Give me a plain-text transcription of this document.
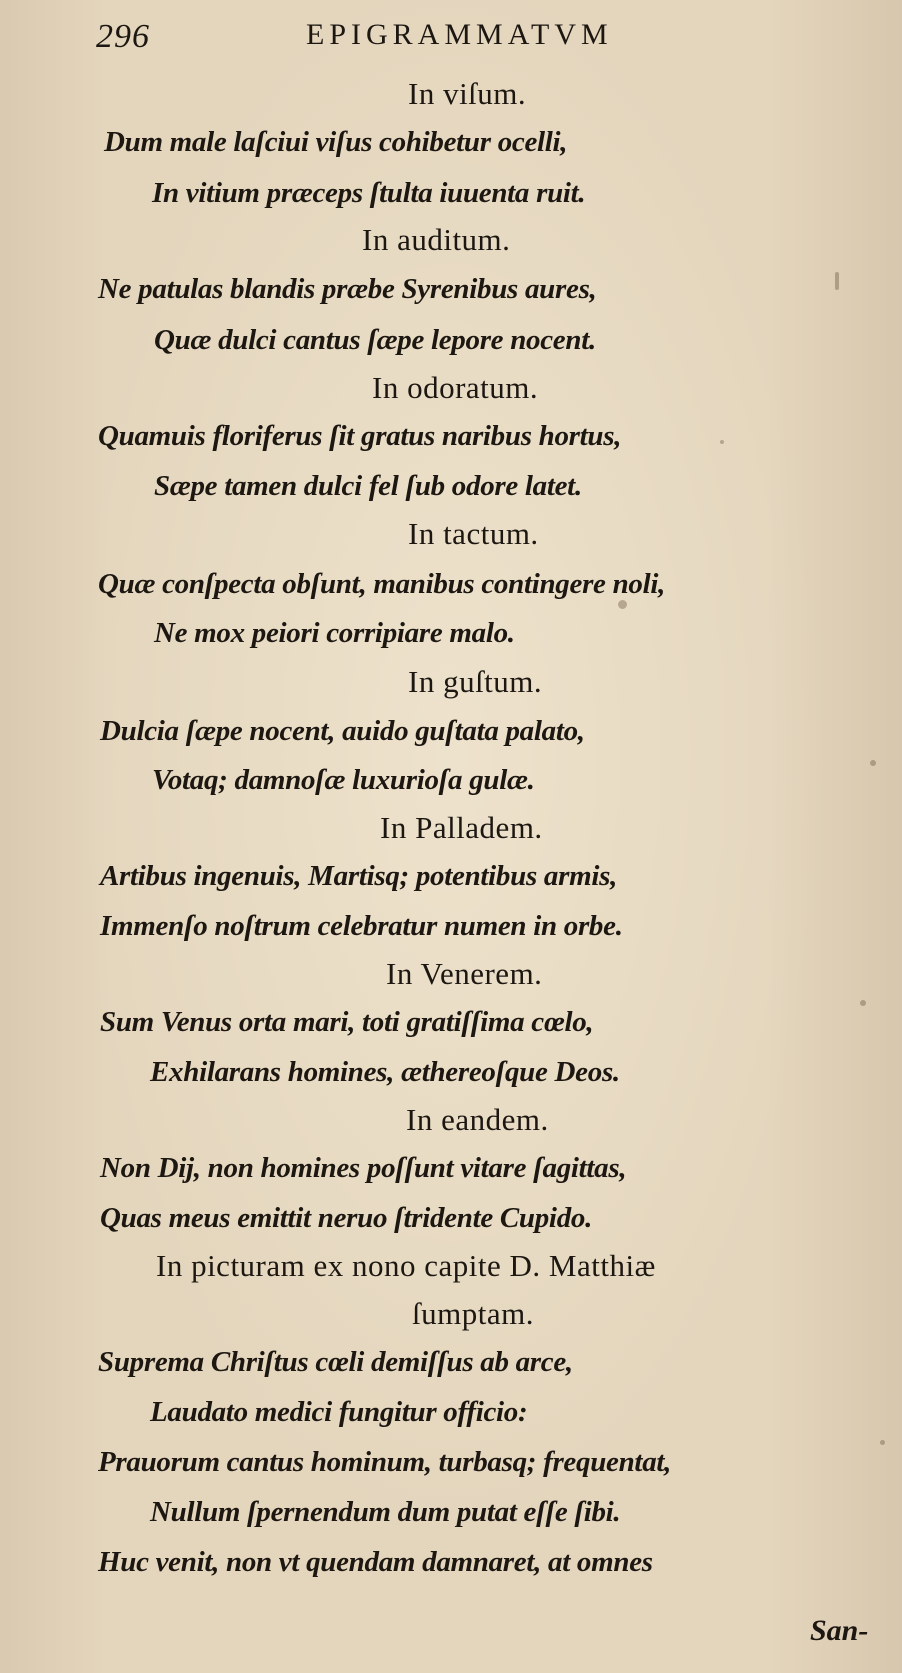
296	EPIGRAMMATVM
In viſum.
Dum male laſciui viſus cohibetur ocelli,
In vitium præceps ſtulta iuuenta ruit.
In auditum.
Ne patulas blandis præbe Syrenibus aures,
Quæ dulci cantus ſæpe lepore nocent.
In odoratum.
Quamuis floriferus ſit gratus naribus hortus,
Sæpe tamen dulci fel ſub odore latet.
In tactum.
Quæ conſpecta obſunt, manibus contingere noli,
Ne mox peiori corripiare malo.
In guſtum.
Dulcia ſæpe nocent, auido guſtata palato,
Votaq; damnoſæ luxurioſa gulæ.
In Palladem.
Artibus ingenuis, Martisq; potentibus armis,
Immenſo noſtrum celebratur numen in orbe.
In Venerem.
Sum Venus orta mari, toti gratiſſima cœlo,
Exhilarans homines, æthereoſque Deos.
In eandem.
Non Dij, non homines poſſunt vitare ſagittas,
Quas meus emittit neruo ſtridente Cupido.
In picturam ex nono capite D. Matthiæ
ſumptam.
Suprema Chriſtus cœli demiſſus ab arce,
Laudato medici fungitur officio:
Prauorum cantus hominum, turbasq; frequentat,
Nullum ſpernendum dum putat eſſe ſibi.
Huc venit, non vt quendam damnaret, at omnes
San-
